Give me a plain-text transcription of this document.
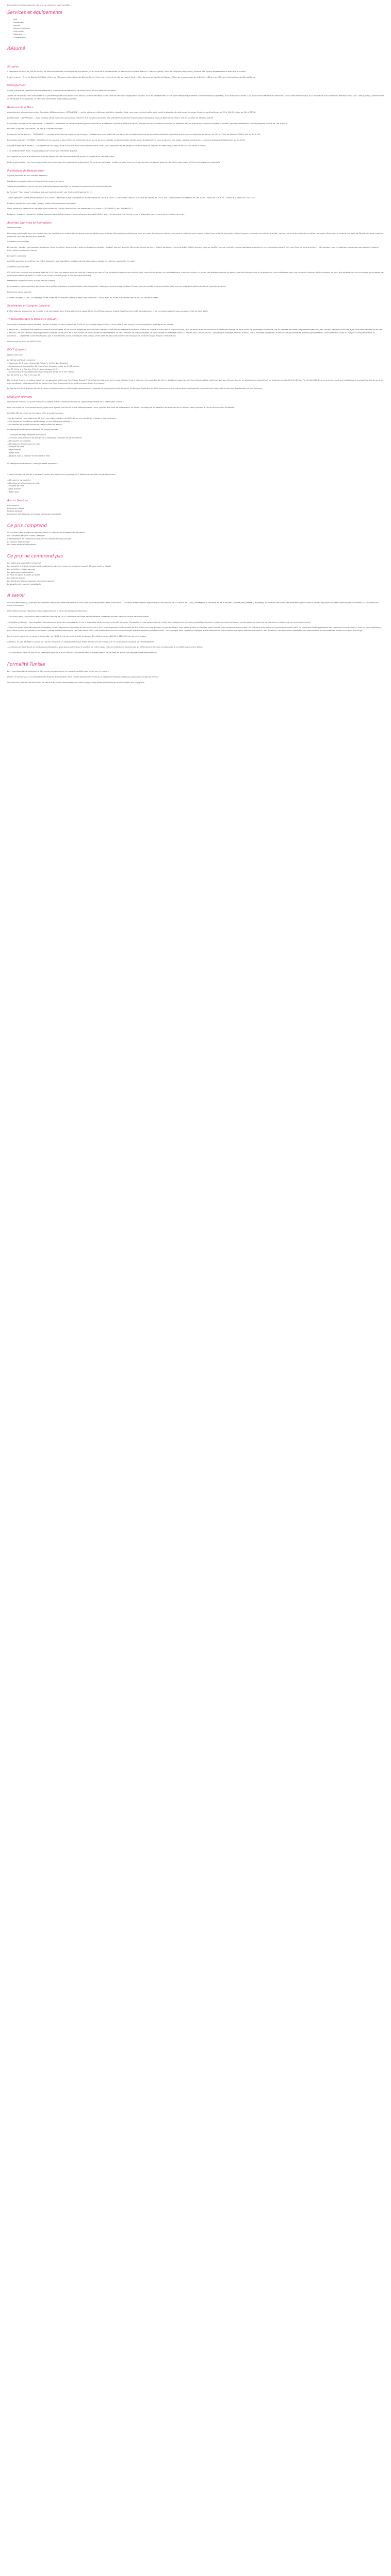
Description Ce prix comprend / Ce prix ne comprend pas Formalités

Services et équipements
• Wifi
• Restaurant
• Piscine
• Piscine extérieure
• Club enfant
• Télévision
• Climatisation
Résumé
Situation

À l'extrême nord-est de l'île de Djerba, en amont de la route touristique de Sidi Mahrez, et au bord de la Méditerranée, le Radisson Blu Palace Resort & Thalasso Djerba, hôtel de catégorie cinq étoiles, propose des séjours délassement et bien-être à souhait.

Il est à environ : 8 km du Djerba Golf Club, 10 km de l'Aéroport International de Djerba-Zarzis, 11 km du centre de la ville de Houmt Souk, 16 km du cœur de la ville de Midoun, 24 km de la synagogue de la Ghriba et 22 km de l'Aéroport International de Djerba-Zarzis

Hébergement

L'hôtel dispose de chambres doubles (Standard, Supérieures et Premium), de suites Junior et de suites Ambassadeur.

Toutes les chambres sont climatisées et la grande majorité sont dotées d'un balcon ou d'une terrasse, d'une salle de bain avec baignoire et douche, d'un WC indépendant, d'une ligne téléphonique directe (communications payantes), d'un téléviseur à écran LCD, d'un accès Internet haut débit WiFi, d'un coffre-électronique, d'un minibar et d'un coffre-fort. Reservez nous 24h. Café (payant), blanchisserie et nettoyage à sec (payant). Ils bébé (sur demande), baby-sitting (payant).

Restaurants & Bars

Agréablement et gastronomes Les Comptoirs Méditerranéens : CERAMIQUE : « petits déjeuner et dîners en buffets, chaud et froid, genres en mets et petits plats variés à déguster de salle ou en terrasse. Horaires : petit-déjeuner de 7h à 10h30 - dîner de 19h à 22h30.

Buffet Italien – ZAFFERANO : - Avec terrasse jardin, une salle aux parfum ombre et aux lumières tamisées, des spécialités italiennes et une cuisine développe pour un déjeuner de midi à 15h, et un dîner de 19h00 à 22h30.

Restaurant Lounge bar et café maure : FLAMINGO : restaurant au décor moderne type de mobilier et accessoires tunisien d'Afrique du Nord, lounge bar avec animation musicale en extérieur et café maure aux boissons chaudes et froides, liqueurs orientales et chicha (narguilé) ouvert de 19h à minuit.

Horaire Lounge et café maure : de 18h à 2 heures du matin.

Restaurant et bar piscine – TURQUOISE : « au pied et au bord de la piscine de la plage, ce restaurant vous séduit de son savoir de la méditerranée et de sa cuisine artistique disponible le soir, pour un déjeuner et dîners, de 12h à 17h et de 19h00 à 23h00. Bar de 9h à 19h.

Beach Bar & Drinks • ELVIMAT : la tolérance de tous sur la plus offerte de la Grande bleue, sur la terrasse parfaite et dans un cadre habite salons & balançoires, nous proposent des sodas, paninis, hamburgers, crêpes et boissons désaltérantes de 9h à 19h.

Lounge Moyen Bar • MORKA : « au centre de son lobby, situé d'un salon et de mouchard doublé au bleu, vous proposera toute design et mondial dans un Seydoul et cadre cosy, boissons et cocktails de 9h à minuit.

« LE DJERBA FRESH BAR : à quelques pas de l'un de vos chambres d'aparts.

Les horaires et jours d'ouverture de tous les restaurants et bars peuvent être soumis à modification selon la saison.

Code vestimentaire : une tenue appropriée est exigée dans les espaces de restauration. Ne sont pas autorisés : maillot de bain, torse nu, tenue de bain, pieds nus, peignoir. Sur la terrasse, robes d'été et bermudas sont autorisés.

Prestations de Restauration

Séjours proposés en tout compris premium

Prestations comprises dans la formule tout compris premium

Toutes les prestations qui ne sont pas précisées dans le descriptif ne sont pas incluses dans la formule internale.

La formule " Tout inclus" n'implique pas que tout est gratuit, voir le descriptif suivant tel tel :

- petit-déjeuner : buffet (restaurant) de 7h à 10h30 - déjeuner buffet sous réserve, à une cuisine de 12h30 à 14h30 - snack dîner 16h00 à 17h30 et en heures de 17h à 18h - dîner buffet sous réserve de 19h à 22h - snack de 22h à 2h - cuisine à la carte de 12h à 23h.

Boissons servies lors des repas : soupe, sodas et vins tunisiens de qualité.

Diner dîners par personne et par séjour (de minimum 7 nuits) dans l'un de nos restaurants à la carte « ZAFFERANO » et « FLAMINGO ».

Boissons : boissons chaudes et froides, boissons alcoolisées locales et internationales de qualité (bière, vin...) les alcools à tout le tout compris disponible dans chacun de nos points de vente.

Activités Sportives et Animations

Infrastructures

Une plage aménagée avec son espace pour les familles avec enfants et un espace pour les adultes sans enfants, deux piscines extérieures, dont une avec bassin pour enfants, une piscine intérieure avec bassin intégré pour enfants, (parasols, chaises longues, matelas et serviettes gratuits), quatre courts de tennis en terre battue, un sauna, deux bains à remous, une salle de fitness, une base nautique (payante), une aire de jeux pour enfants.

Animation pour adultes

En journée : aérobic, gymnastique aquatique (selon la météo), beach-volley, water-polo (saison estivale), football, tournois sportifs, fléchettes, tennis sur terre, billard, pétanque, tennis de table, billard (payant), jeux de société, jeux de cocktails, sports nautiques motorisés et non motorisés (payant) très mini (tour du mois d'octobre) : ski nautique, sports nautiques, parachute ascensionnel, banane-boat, sortie en bateau à moteur.

En soirée : bien-être

Activités sportives à l'extérieur de l'hôtel (payant) : golf, équitation, balade à dos de dromadaire, balade en calèche, randonnée en quad.

Animation pour enfants

VIC kid's club : réservé aux enfants âgés de 4 à 12 ans, cet espace situé au bord de la mer et au cœur d'une pinterelle composé une salle de jeux, une salle de sieste, un mini restaurant, une mini-cuisine, un préau, des ateliers peinture et dessin, une salle de spectacle et de projection, des ordinateurs avec une connexion Internet et des consoles de jeux. Nos enfants sont pris en charge et encadrés par une équipe dédiée de 9h00 à 12h00 et de 14h00 à 18h00 (jusqu'à 22h en saison estivale).

Prestations comprises dans la formule tout compris

Gymnastique, gym aquatique, tennis sur terre battue, pétanque, tennis de table, tournois sportifs, water-polo, beach-volley, football, fitness, jeux de société, jeux de sociétés, club pour les enfants au Djerba Golf Club (navette gratuite).

Uniquement pour adultes :

Alimété Thalasso & Spa : un massage d'une durée de 25 minutes offert par séjour (de minimum 7 nuits) avec un accès à la piscine eau de mer du centre thalasso.

Séminaires et Congrès (payant)

L'hôtel dispose d'un centre de congrès et de séminaires avec 8 des salles d'une capacité de 15 à 300 personnes, toutes équipées d'un matériel audiovisuel et de connexion adaptée pour un accès internet haut débit.

Thalassothérapie & Bien-être (payant)

Sun royal et superbe centre Alimété Thalasso s'étend sur deux niveaux et 3 500 m². Accessible depuis l'hôtel, il vous offre le des soins et cures complets et spécifiques de qualité.

Il est pourvu : d'une piscine intérieure ludique d'eau de mer, d'une piscine intérieure d'eau de mer chauffée d'une piscine extérieure de tonus marins de longueur avec bains à remous et jets, d'un solarium avec mezzanine d'un hammam oriental de deux salles de gommage traditionnel, de dix cabines de balnéo d'hydromassage multi-jets, de trois cabines de douche à jet, de quatre cabines de douche à affusion, de huit cabines d'enveloppement d'algues ou de boue de la mer morte, de trois cabines de cryothérapie, de deux cabines de pressothérapie, de trois cabines de massage SHIATSU, THONG MO, CHI NEI TSANG, Ayurvédique Massage Balinais, Kobido, Tuina, massage thaïlandais, mains de vie ayurvédiques, Réflexologie plantaire, Soins orientaux, soins du visage à la radiofréquence et confusion... - CELLU M6, soins esthétiques, Spa 3 monde Paris, soins esthétiques THALGO (2), d'une salle de repos ainsi que d'une boutique de produits Thalgo et Spa 3 monde Paris.

Ouvert tous les jours de 8h30 à 19h.

GOLF (payant)

Djerba Golf Club

Le Djerba Golf Club comprend :
- 3 parcours de 9 trous chacun (Le Palmiers, Le Mer, Les Acacias)
- Un parcours de compétition 18 trous d'une longueur totale de 6 192 mètres
Par 72 (9 Par 4, 6 Par 3 et 3 Par 5) avec un slope 124
- Un parcours 9 trous additionnel d'une longueur totale de 2 743 mètres
Par 35 (6 Par 4, 2 Par 3, et 1 par 5)

Élu en deux 9 parts, le golfeur découvre nos parcours signés par l'architecte Ronald Fream (Harriner Harmen, qui a voulu valoriser tout le charme et le caractère de l'île et, des Dunes blanches, des lacs d'eaux salées, dotées en vue sur l'éponge la mer, un déploiement garantit sur les trois parcours du Golf de Djerba. Par l'intégralité de sa conception, son tracé exceptionnel, la qualité de ses terrains, sa mer scintillante, et la diversité de sa faune et sa flore, le parcours a du goût permanent tous les joueurs.

Le Djerba Golf Club dispose d'un Club House central en dans un style arabo-mauresque et composé de trois espaces Hall d'accueil, ProShop et Snake-Bar. Le Club House ouvre sur une terrasse panoramique, aménée toute la journée et donnant directement sur nos parcours.

KITESURF (Payant)

Implanté en Tunisie, sur place retrouvez à Djerba grâce à l'aventure heureuse, l'agence spécialiste de la destination Tunisie !

Pour une initier ou vous perfectionner, optez pour Djerba, une fin sur le site héberge idéale ! pour, profiter d'un spot de prédilection. Au choix, : un stage de six sessions de deux heures ou de trois demi-journées à l'école de formation Globalkite.

Certifiée IKO, ce centre de formation offre à ses kitesurfeurs :

- Un spot parfait : une lagune de 32 km², une plage privative de 800 mètres, une eau tiède, chaude et peu profonde ;
- Une équipe de moniteurs expérimentés et une pédagogie adaptée ;
- Un matériel de qualité renouvelé chaque début de saison.

Le descriptif de la formule terrestre de stage proposée :

- 12 heures de stage réparties sur 6 jours,
- Les cours sont des cours de groupe de 2 élèves par moniteur et par moniteurs,
- Découverte du matériel,
- Décollage et atterrissage de l'aile,
- Pilotage de l'aile,
- Nage tractée,
- Water start,
- Navigue avec la planche et remonter le vent.

Le descriptif de la formule 3 demi-journées proposée :

3 demi-journées de kite de 4 heures (2 heures par jour) cours en groupe de 2 élèves par moniteur et par instructeur.

- Découverte du matériel
- Décollage et atterrissage de l'aile
- Pilotage de l'aile
- Nage tractée
- Water start
Autres Services
Conciergerie
Bureau de change
Parking (gratuit)
Connexion wifi dans tous les locaux et chambres (gratuit)
Ce prix comprend
Le vol aller / retour opéré au régulier, direct ou avec escale à destination de Djerba
Les transferts aéroport / hôtel / aéroport
L'hébergement en chambre double pour le nombre de nuits choisies
La pension sélectionnée
Les taxes aéroport obligatoires
Ce prix ne comprend pas
Les dépenses à caractère personnel
Les boissons et le tout inclus(hors des catégories ad'mirexs pourront intervenir jusqu'à 30 jours avant le départ
Les activités et loisirs payants
Les assurances optionnelles
La taxe de séjour à régler sur place
Les frais de dossier
Les éventuels frais de bagages selon la compagnie
Le supplément chambre individuelle
A savoir

Si vous partez seul(e), votre prix en chambre individuelle sera réévalué et le calcul est automatiquement dans votre devis. - Les tarifs enfants seront appliqués pour les enfants de 2 à moins de 12 ans, partageant la chambre de deux adultes. Si votre (vos) enfant(s) est (été)s) au moment des dates des transferts âgés ci-dessus, le tarif appliqué sous sera communiqué au moment du lancement de votre commande.

Informations plan de réduction enfant applicable sur la carte des tarifs promotionnels.

- En basse saison, en fonction des conditions climatiques, ou si l'affluence de l'hôtel est insuffisante, certaines activités peuvent ne pas être disponibles.

- Prestations à titre(s) : les cotisations et boissons ne sont pas comprises sur le vol si intermède aérien lors des vols aller et retour. Cependant il vous est possible de choisir vos cotisations et boissons proposées à la carte, à régler directement auprès de l'équipage ou avant ou de paiement en espèce et en euros uniquement).

- Selon les règles internationales de l'hôtellerie, votre chambre est disponible à partir de 14h ou 15h et votre logement rendu à partir de 11h le jour de votre arrivée. Le jour du départ, vous devez quitter la chambre avant midi et votre logement rendu avant 10h, même si votre retour ne survient prévu plus tard. De nombreux hôtels présentent des chambres-consultation(s), avec ou sans supplément, pour votre confort à l'arrivée ou au départ ; garder votre chambre plus tard (late check out) : une chambre de jour pour vous changer avant le transfert (courtesy room) : une consigne pour ranger vos bagages avant détention de votre chambre ou après libération de celle-ci, etc. Toutefois, ces stipulations dépendent des disponibilités et circonstances locales et ne peut être exigé.

Les prix sont exprimés en euros et la compter de 15h00 le jour de votre arrivée et doivent être libérées avant 11h00 le 12h00 le jour de votre départ.

Attention, en cas de départ ou date de l'heure convenue, un supplément risque d'être facturé lors de "check-out" le coût service exclusive de l'établissement.

- Les photos et illustrations ne sont pas contractuelles. Nous avons notre demi le meilleur de notre mieux mais les indications fournies par les hôtels peuvent ne pas correspondre à la réalité lors de votre séjour.

- Les indications dans les prix et les descriptifs figurant sur ce site sont transmises par nos partenaires et ne peuvent en aucun cas engager notre responsabilité.

Formalité Tunisie

Les ressortissants français doivent être munis d'un passeport en cours de validité pour entrer sur le territoire.

Dès le 1er janvier 2015, les ressortissants français à destination de la Tunisie devront être munis d'un passeport français valide (voir pays après la date de retour).

Vous pouvez consulter les formalités de santé et de police nécessaires pour votre voyage : http://www.diplomatie.gouv.fr/fr/conseils-aux-voyageurs
